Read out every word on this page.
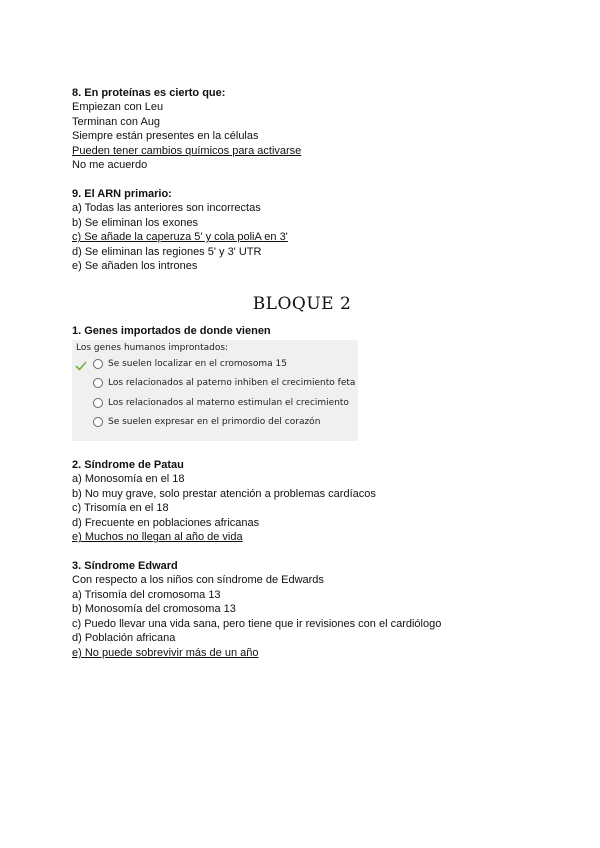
8. En proteínas es cierto que:

Empiezan con Leu

Terminan con Aug

Siempre están presentes en la células

Pueden tener cambios químicos para activarse

No me acuerdo

9. El ARN primario:

a) Todas las anteriores son incorrectas

b) Se eliminan los exones

c) Se añade la caperuza 5' y cola poliA en 3'

d) Se eliminan las regiones 5' y 3' UTR

e) Se añaden los intrones

BLOQUE 2

1. Genes importados de donde vienen

Los genes humanos improntados:
Se suelen localizar en el cromosoma 15
Los relacionados al paterno inhiben el crecimiento feta
Los relacionados al materno estimulan el crecimiento
Se suelen expresar en el primordio del corazón

2. Síndrome de Patau

a) Monosomía en el 18

b) No muy grave, solo prestar atención a problemas cardíacos

c) Trisomía en el 18

d) Frecuente en poblaciones africanas

e) Muchos no llegan al año de vida

3. Síndrome Edward

Con respecto a los niños con síndrome de Edwards

a) Trisomía del cromosoma 13

b) Monosomía del cromosoma 13

c) Puedo llevar una vida sana, pero tiene que ir revisiones con el cardiólogo

d) Población africana

e) No puede sobrevivir más de un año
